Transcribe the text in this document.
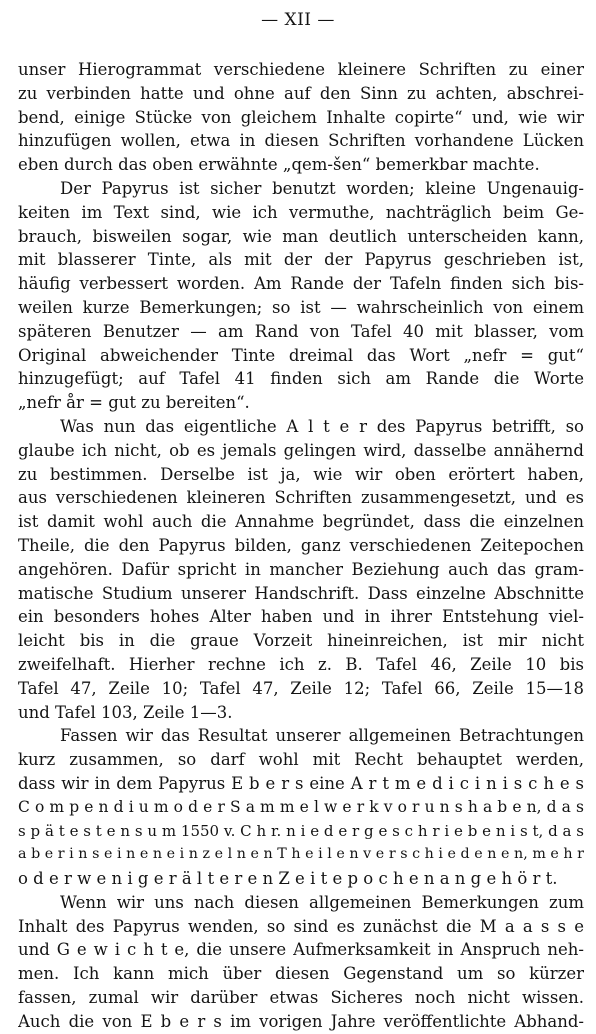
— XII —
unser Hierogrammat verschiedene kleinere Schriften zu einer
zu verbinden hatte und ohne auf den Sinn zu achten, abschrei-
bend, einige Stücke von gleichem Inhalte copirte“ und, wie wir
hinzufügen wollen, etwa in diesen Schriften vorhandene Lücken
eben durch das oben erwähnte „qem-šen“ bemerkbar machte.
Der Papyrus ist sicher benutzt worden; kleine Ungenauig-
keiten im Text sind, wie ich vermuthe, nachträglich beim Ge-
brauch, bisweilen sogar, wie man deutlich unterscheiden kann,
mit blasserer Tinte, als mit der der Papyrus geschrieben ist,
häufig verbessert worden. Am Rande der Tafeln finden sich bis-
weilen kurze Bemerkungen; so ist — wahrscheinlich von einem
späteren Benutzer — am Rand von Tafel 40 mit blasser, vom
Original abweichender Tinte dreimal das Wort „nefr = gut“
hinzugefügt; auf Tafel 41 finden sich am Rande die Worte
„nefr år = gut zu bereiten“.
Was nun das eigentliche A l t e r des Papyrus betrifft, so
glaube ich nicht, ob es jemals gelingen wird, dasselbe annähernd
zu bestimmen. Derselbe ist ja, wie wir oben erörtert haben,
aus verschiedenen kleineren Schriften zusammengesetzt, und es
ist damit wohl auch die Annahme begründet, dass die einzelnen
Theile, die den Papyrus bilden, ganz verschiedenen Zeitepochen
angehören. Dafür spricht in mancher Beziehung auch das gram-
matische Studium unserer Handschrift. Dass einzelne Abschnitte
ein besonders hohes Alter haben und in ihrer Entstehung viel-
leicht bis in die graue Vorzeit hineinreichen, ist mir nicht
zweifelhaft. Hierher rechne ich z. B. Tafel 46, Zeile 10 bis
Tafel 47, Zeile 10; Tafel 47, Zeile 12; Tafel 66, Zeile 15—18
und Tafel 103, Zeile 1—3.
Fassen wir das Resultat unserer allgemeinen Betrachtungen
kurz zusammen, so darf wohl mit Recht behauptet werden,
dass wir in dem Papyrus E b e r s eine A r t m e d i c i n i s c h e s
C o m p e n d i u m o d e r S a m m e l w e r k v o r u n s h a b e n, d a s
s p ä t e s t e n s u m 1550 v. C h r. n i e d e r g e s c h r i e b e n i s t, d a s
a b e r i n s e i n e n e i n z e l n e n T h e i l e n v e r s c h i e d e n e n, m e h r
o d e r w e n i g e r ä l t e r e n Z e i t e p o c h e n a n g e h ö r t.
Wenn wir uns nach diesen allgemeinen Bemerkungen zum
Inhalt des Papyrus wenden, so sind es zunächst die M a a s s e
und G e w i c h t e, die unsere Aufmerksamkeit in Anspruch neh-
men. Ich kann mich über diesen Gegenstand um so kürzer
fassen, zumal wir darüber etwas Sicheres noch nicht wissen.
Auch die von E b e r s im vorigen Jahre veröffentlichte Abhand-
